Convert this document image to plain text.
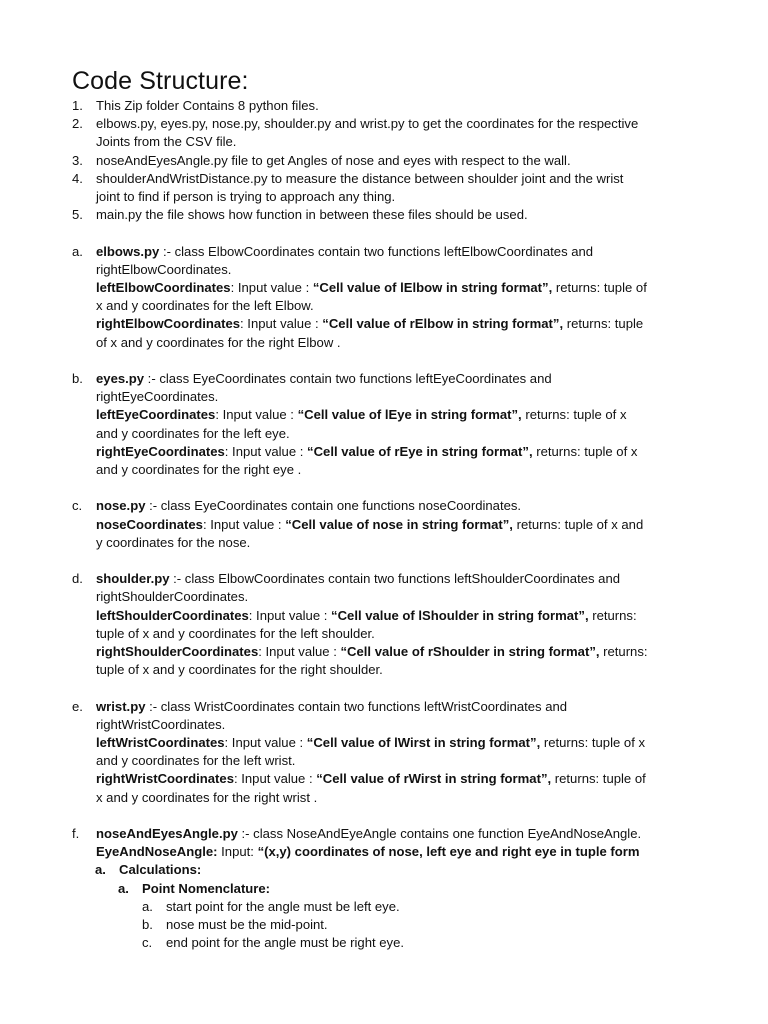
Code Structure:
1. This Zip folder Contains 8 python files.
2. elbows.py, eyes.py, nose.py, shoulder.py and wrist.py to get the coordinates for the respective
Joints from the CSV file.
3. noseAndEyesAngle.py file to get Angles of nose and eyes with respect to the wall.
4. shoulderAndWristDistance.py to measure the distance between shoulder joint and the wrist
joint to find if person is trying to approach any thing.
5. main.py the file shows how function in between these files should be used.
a. elbows.py :- class ElbowCoordinates contain two functions leftElbowCoordinates and
rightElbowCoordinates.
leftElbowCoordinates: Input value : “Cell value of lElbow in string format”, returns: tuple of
x and y coordinates for the left Elbow.
rightElbowCoordinates: Input value : “Cell value of rElbow in string format”, returns: tuple
of x and y coordinates for the right Elbow .
b. eyes.py :- class EyeCoordinates contain two functions leftEyeCoordinates and
rightEyeCoordinates.
leftEyeCoordinates: Input value : “Cell value of lEye in string format”, returns: tuple of x
and y coordinates for the left eye.
rightEyeCoordinates: Input value : “Cell value of rEye in string format”, returns: tuple of x
and y coordinates for the right eye .
c. nose.py :- class EyeCoordinates contain one functions noseCoordinates.
noseCoordinates: Input value : “Cell value of nose in string format”, returns: tuple of x and
y coordinates for the nose.
d. shoulder.py :- class ElbowCoordinates contain two functions leftShoulderCoordinates and
rightShoulderCoordinates.
leftShoulderCoordinates: Input value : “Cell value of lShoulder in string format”, returns:
tuple of x and y coordinates for the left shoulder.
rightShoulderCoordinates: Input value : “Cell value of rShoulder in string format”, returns:
tuple of x and y coordinates for the right shoulder.
e. wrist.py :- class WristCoordinates contain two functions leftWristCoordinates and
rightWristCoordinates.
leftWristCoordinates: Input value : “Cell value of lWirst in string format”, returns: tuple of x
and y coordinates for the left wrist.
rightWristCoordinates: Input value : “Cell value of rWirst in string format”, returns: tuple of
x and y coordinates for the right wrist .
f. noseAndEyesAngle.py :- class NoseAndEyeAngle contains one function EyeAndNoseAngle.
EyeAndNoseAngle: Input: “(x,y) coordinates of nose, left eye and right eye in tuple form
a. Calculations:
a. Point Nomenclature:
a. start point for the angle must be left eye.
b. nose must be the mid-point.
c. end point for the angle must be right eye.
